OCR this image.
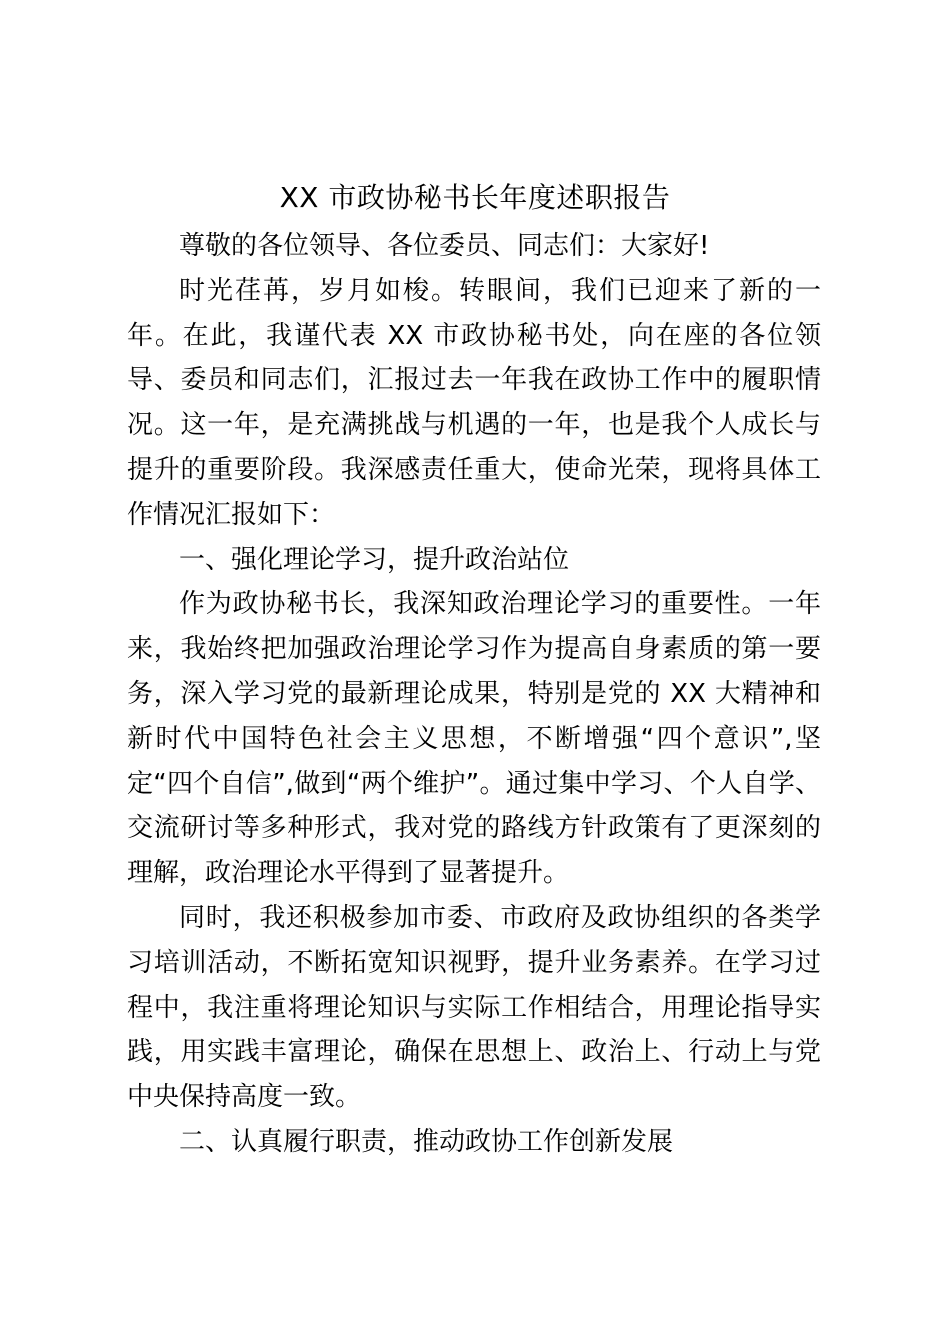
XX 市政协秘书长年度述职报告

尊敬的各位领导、各位委员、同志们：大家好!

时光荏苒，岁月如梭。转眼间，我们已迎来了新的一年。在此，我谨代表 XX 市政协秘书处，向在座的各位领导、委员和同志们，汇报过去一年我在政协工作中的履职情况。这一年，是充满挑战与机遇的一年，也是我个人成长与提升的重要阶段。我深感责任重大，使命光荣，现将具体工作情况汇报如下：

一、强化理论学习，提升政治站位

作为政协秘书长，我深知政治理论学习的重要性。一年来，我始终把加强政治理论学习作为提高自身素质的第一要务，深入学习党的最新理论成果，特别是党的 XX 大精神和新时代中国特色社会主义思想，不断增强“四个意识”,坚定“四个自信”,做到“两个维护”。通过集中学习、个人自学、交流研讨等多种形式，我对党的路线方针政策有了更深刻的理解，政治理论水平得到了显著提升。

同时，我还积极参加市委、市政府及政协组织的各类学习培训活动，不断拓宽知识视野，提升业务素养。在学习过程中，我注重将理论知识与实际工作相结合，用理论指导实践，用实践丰富理论，确保在思想上、政治上、行动上与党中央保持高度一致。

二、认真履行职责，推动政协工作创新发展
